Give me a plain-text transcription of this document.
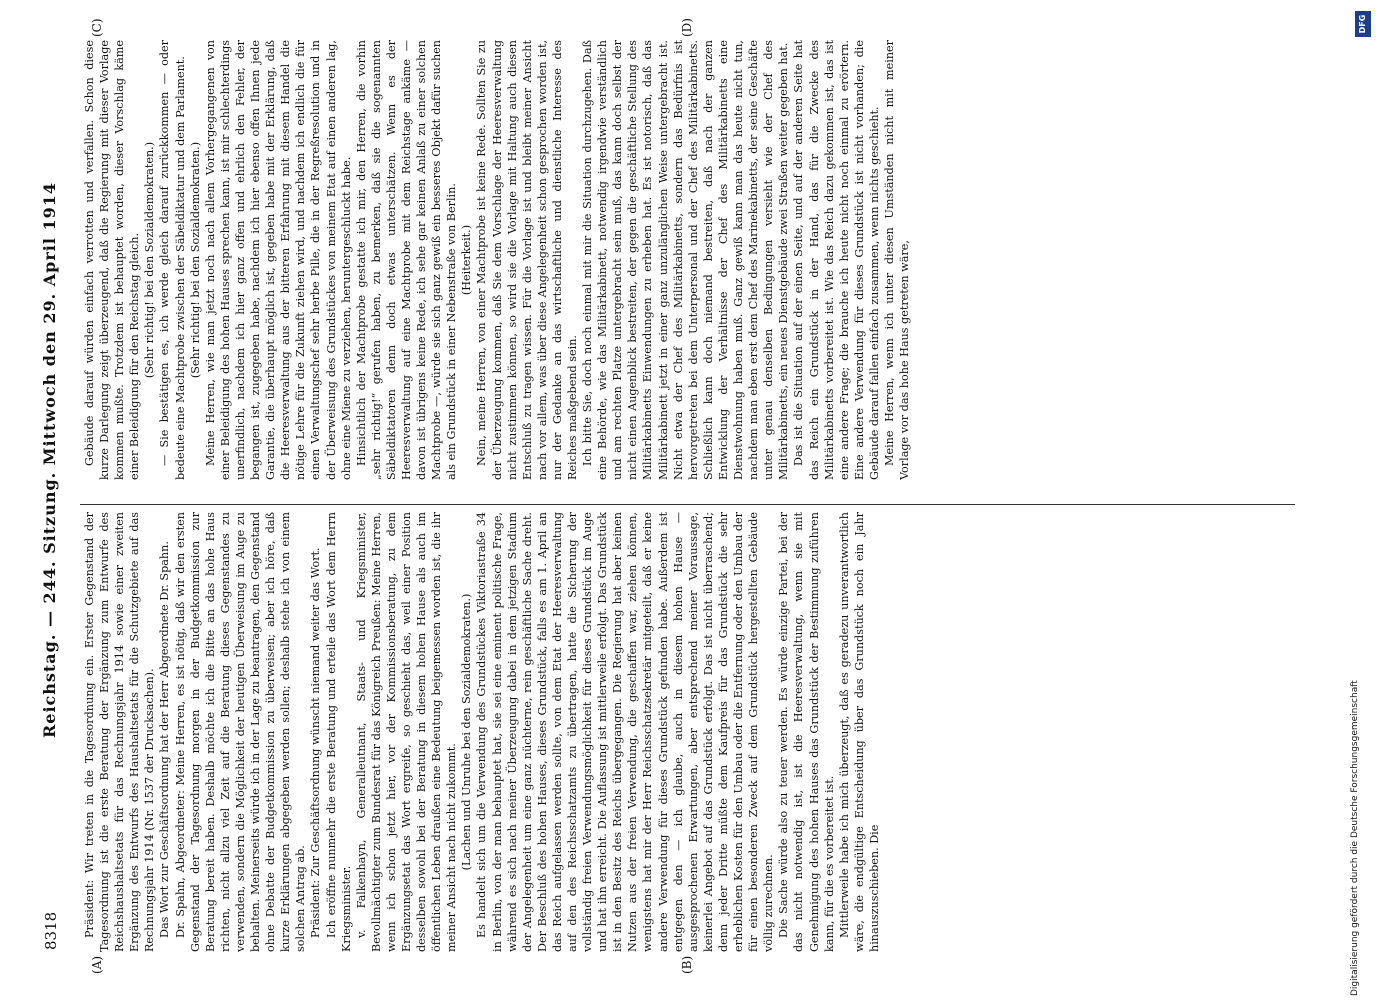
8318
Reichstag. — 244. Sitzung. Mittwoch den 29. April 1914
(A)	(B)
(C)	(D)

Präsident: Wir treten in die Tagesordnung ein. Erster Gegenstand der Tagesordnung ist die erste Beratung der Ergänzung zum Entwurfe des Reichshaushaltsetats für das Rechnungsjahr 1914 sowie einer zweiten Ergänzung des Entwurfs des Haushaltsetats für die Schutzgebiete auf das Rechnungsjahr 1914 (Nr. 1537 der Drucksachen). Das Wort zur Geschäftsordnung hat der Herr Abgeordnete Dr. Spahn. Dr. Spahn, Abgeordneter: Meine Herren, es ist nötig, daß wir den ersten Gegenstand der Tagesordnung morgen in der Budgetkommission zur Beratung bereit haben. Deshalb möchte ich die Bitte an das hohe Haus richten, nicht allzu viel Zeit auf die Beratung dieses Gegenstandes zu verwenden, sondern die Möglichkeit der heutigen Überweisung im Auge zu behalten. Meinerseits würde ich in der Lage zu beantragen, den Gegenstand ohne Debatte der Budgetkommission zu überweisen; aber ich höre, daß kurze Erklärungen abgegeben werden sollen; deshalb stehe ich von einem solchen Antrag ab. Präsident: Zur Geschäftsordnung wünscht niemand weiter das Wort. Ich eröffne nunmehr die erste Beratung und erteile das Wort dem Herrn Kriegsminister. v. Falkenhayn, Generalleutnant, Staats- und Kriegsminister, Bevollmächtigter zum Bundesrat für das Königreich Preußen: Meine Herren, wenn ich schon jetzt hier, vor der Kommissionsberatung, zu dem Ergänzungsetat das Wort ergreife, so geschieht das, weil einer Position desselben sowohl bei der Beratung in diesem hohen Hause als auch im öffentlichen Leben draußen eine Bedeutung beigemessen worden ist, die ihr meiner Ansicht nach nicht zukommt. (Lachen und Unruhe bei den Sozialdemokraten.) Es handelt sich um die Verwendung des Grundstückes Viktoriastraße 34 in Berlin, von der man behauptet hat, sie sei eine eminent politische Frage, während es sich nach meiner Überzeugung dabei in dem jetzigen Stadium der Angelegenheit um eine ganz nüchterne, rein geschäftliche Sache dreht. Der Beschluß des hohen Hauses, dieses Grundstück, falls es am 1. April an das Reich aufgelassen werden sollte, von dem Etat der Heeresverwaltung auf den des Reichsschatzamts zu übertragen, hatte die Sicherung der vollständig freien Verwendungsmöglichkeit für dieses Grundstück im Auge und hat ihn erreicht. Die Auflassung ist mittlerweile erfolgt. Das Grundstück ist in den Besitz des Reichs übergegangen. Die Regierung hat aber keinen Nutzen aus der freien Verwendung, die geschaffen war, ziehen können, wenigstens hat mir der Herr Reichsschatzsekretär mitgeteilt, daß er keine andere Verwendung für dieses Grundstück gefunden habe. Außerdem ist entgegen den — ich glaube, auch in diesem hohen Hause — ausgesprochenen Erwartungen, aber entsprechend meiner Voraussage, keinerlei Angebot auf das Grundstück erfolgt. Das ist nicht überraschend; denn jeder Dritte müßte dem Kaufpreis für das Grundstück die sehr erheblichen Kosten für den Umbau oder die Entfernung oder den Umbau der für einen besonderen Zweck auf dem Grundstück hergestellten Gebäude völlig zurechnen. Die Sache würde also zu teuer werden. Es würde einzige Partei, bei der das nicht notwendig ist, ist die Heeresverwaltung, wenn sie mit Genehmigung des hohen Hauses das Grundstück der Bestimmung zuführen kann, für die es vorbereitet ist. Mittlerweile habe ich mich überzeugt, daß es geradezu unverantwortlich wäre, die endgültige Entscheidung über das Grundstück noch ein Jahr hinauszuschieben. Die

Gebäude darauf würden einfach verrotten und verfallen. Schon diese kurze Darlegung zeigt überzeugend, daß die Regierung mit dieser Vorlage kommen mußte. Trotzdem ist behauptet worden, dieser Vorschlag käme einer Beleidigung für den Reichstag gleich. (Sehr richtig! bei den Sozialdemokraten.) — Sie bestätigen es, ich werde gleich darauf zurückkommen — oder bedeute eine Machtprobe zwischen der Säbeldiktatur und dem Parlament. (Sehr richtig! bei den Sozialdemokraten.) Meine Herren, wie man jetzt noch nach allem Vorhergegangenen von einer Beleidigung des hohen Hauses sprechen kann, ist mir schlechterdings unerfindlich, nachdem ich hier ganz offen und ehrlich den Fehler, der begangen ist, zugegeben habe, nachdem ich hier ebenso offen Ihnen jede Garantie, die überhaupt möglich ist, gegeben habe mit der Erklärung, daß die Heeresverwaltung aus der bitteren Erfahrung mit diesem Handel die nötige Lehre für die Zukunft ziehen wird, und nachdem ich endlich die für einen Verwaltungschef sehr herbe Pille, die in der Regreßresolution und in der Überweisung des Grundstückes von meinem Etat auf einen anderen lag, ohne eine Miene zu verziehen, heruntergeschluckt habe. Hinsichtlich der Machtprobe gestatte ich mir, den Herren, die vorhin „sehr richtig!“ gerufen haben, zu bemerken, daß sie die sogenannten Säbeldiktatoren denn doch etwas unterschätzen. Wenn es der Heeresverwaltung auf eine Machtprobe mit dem Reichstage ankäme — davon ist übrigens keine Rede, ich sehe gar keinen Anlaß zu einer solchen Machtprobe —, würde sie sich ganz gewiß ein besseres Objekt dafür suchen als ein Grundstück in einer Nebenstraße von Berlin. (Heiterkeit.) Nein, meine Herren, von einer Machtprobe ist keine Rede. Sollten Sie zu der Überzeugung kommen, daß Sie dem Vorschlage der Heeresverwaltung nicht zustimmen können, so wird sie die Vorlage mit Haltung auch diesen Entschluß zu tragen wissen. Für die Vorlage ist und bleibt meiner Ansicht nach vor allem, was über diese Angelegenheit schon gesprochen worden ist, nur der Gedanke an das wirtschaftliche und dienstliche Interesse des Reiches maßgebend sein. Ich bitte Sie, doch noch einmal mit mir die Situation durchzugehen. Daß eine Behörde, wie das Militärkabinett, notwendig irgendwie verständlich und am rechten Platze untergebracht sein muß, das kann doch selbst der nicht einen Augenblick bestreiten, der gegen die geschäftliche Stellung des Militärkabinetts Einwendungen zu erheben hat. Es ist notorisch, daß das Militärkabinett jetzt in einer ganz unzulänglichen Weise untergebracht ist. Nicht etwa der Chef des Militärkabinetts, sondern das Bedürfnis ist hervorgetreten bei dem Unterpersonal und der Chef des Militärkabinetts. Schließlich kann doch niemand bestreiten, daß nach der ganzen Entwicklung der Verhältnisse der Chef des Militärkabinetts eine Dienstwohnung haben muß. Ganz gewiß kann man das heute nicht tun, nachdem man eben erst dem Chef des Marinekabinetts, der seine Geschäfte unter genau denselben Bedingungen versieht wie der Chef des Militärkabinetts, ein neues Dienstgebäude zwei Straßen weiter gegeben hat. Das ist die Situation auf der einen Seite, und auf der anderen Seite hat das Reich ein Grundstück in der Hand, das für die Zwecke des Militärkabinetts vorbereitet ist. Wie das Reich dazu gekommen ist, das ist eine andere Frage; die brauche ich heute nicht noch einmal zu erörtern. Eine andere Verwendung für dieses Grundstück ist nicht vorhanden; die Gebäude darauf fallen einfach zusammen, wenn nichts geschieht. Meine Herren, wenn ich unter diesen Umständen nicht mit meiner Vorlage vor das hohe Haus getreten wäre,

Digitalisierung gefördert durch die Deutsche Forschungsgemeinschaft
DFG
